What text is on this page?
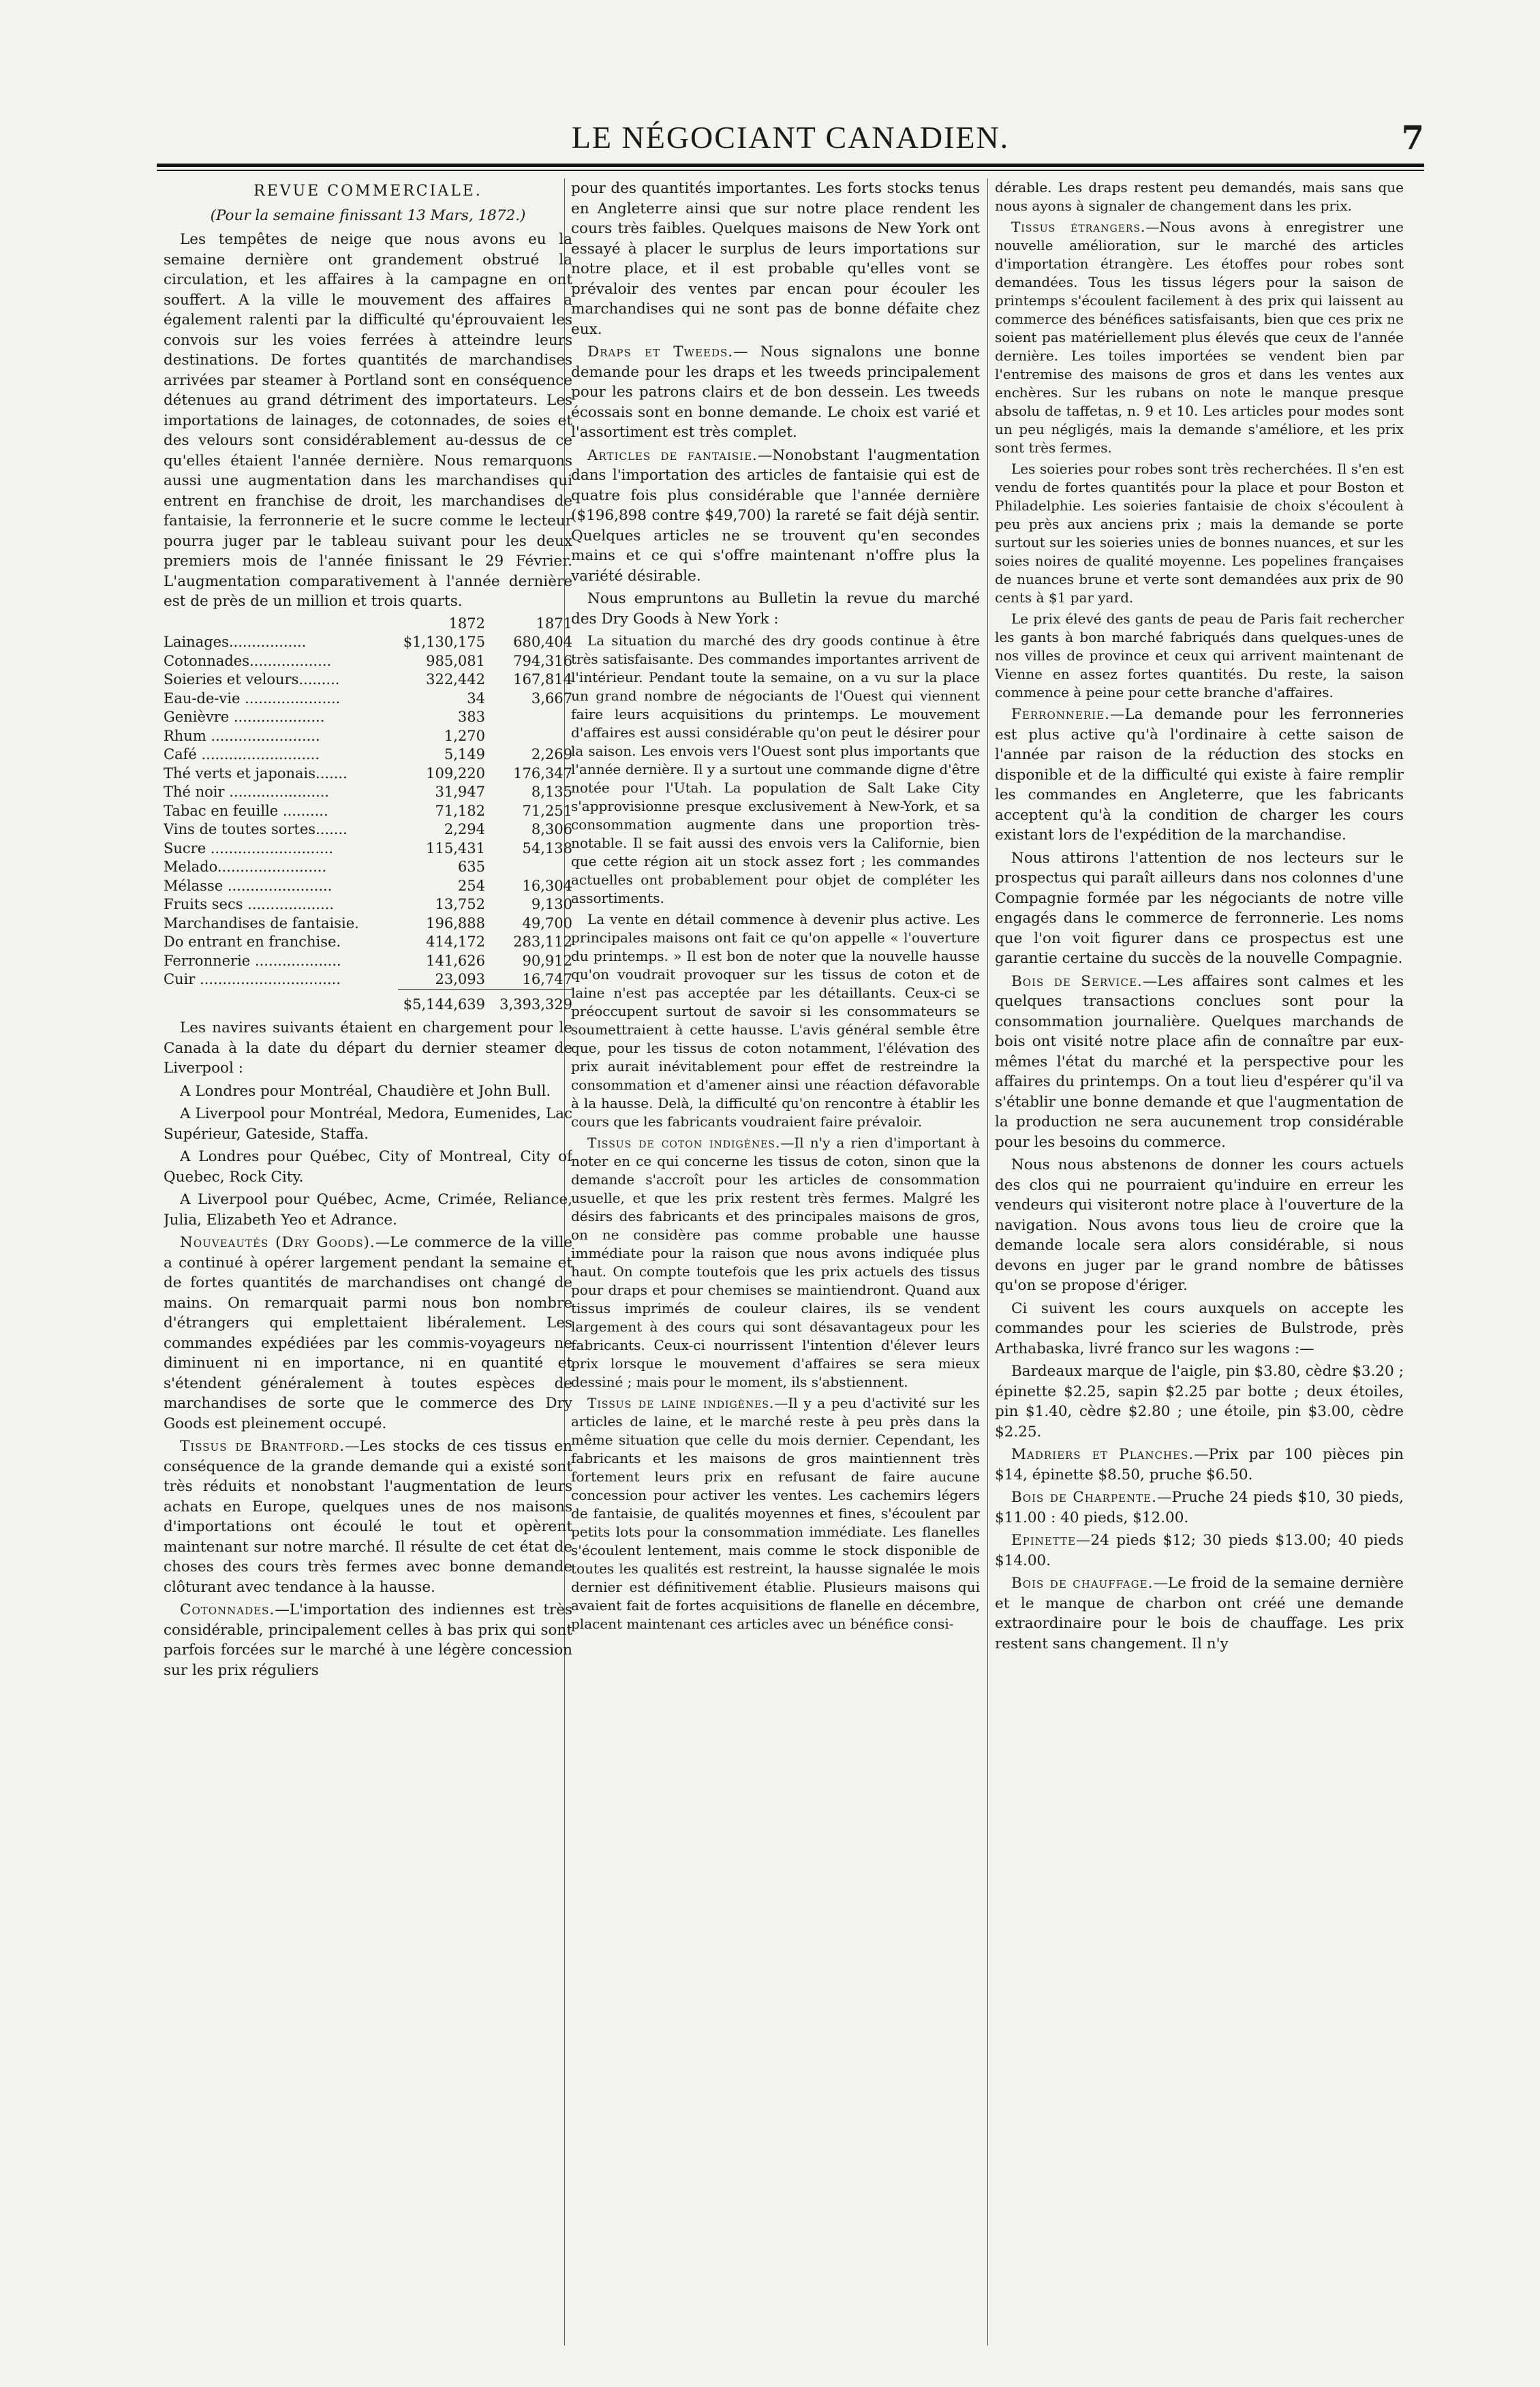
LE NÉGOCIANT CANADIEN.	7

REVUE COMMERCIALE.

(Pour la semaine finissant 13 Mars, 1872.)

Les tempêtes de neige que nous avons eu la semaine dernière ont grandement obstrué la circulation, et les affaires à la campagne en ont souffert. A la ville le mouvement des affaires a également ralenti par la difficulté qu'éprouvaient les convois sur les voies ferrées à atteindre leurs destinations. De fortes quantités de marchandises arrivées par steamer à Portland sont en conséquence détenues au grand détriment des importateurs. Les importations de lainages, de cotonnades, de soies et des velours sont considérablement au-dessus de ce qu'elles étaient l'année dernière. Nous remarquons aussi une augmentation dans les marchandises qui entrent en franchise de droit, les marchandises de fantaisie, la ferronnerie et le sucre comme le lecteur pourra juger par le tableau suivant pour les deux premiers mois de l'année finissant le 29 Février. L'augmentation comparativement à l'année dernière est de près de un million et trois quarts.

	1872	1871
Lainages.................	$1,130,175	680,404
Cotonnades..................	985,081	794,316
Soieries et velours.........	322,442	167,814
Eau-de-vie .....................	34	3,667
Genièvre ....................	383	
Rhum ........................	1,270	
Café ..........................	5,149	2,269
Thé verts et japonais.......	109,220	176,347
Thé noir ......................	31,947	8,135
Tabac en feuille ..........	71,182	71,251
Vins de toutes sortes.......	2,294	8,306
Sucre ...........................	115,431	54,138
Melado........................	635	
Mélasse .......................	254	16,304
Fruits secs ...................	13,752	9,130
Marchandises de fantaisie.	196,888	49,700
Do entrant en franchise.	414,172	283,112
Ferronnerie ...................	141,626	90,912
Cuir ...............................	23,093	16,747
	$5,144,639	3,393,329

Les navires suivants étaient en chargement pour le Canada à la date du départ du dernier steamer de Liverpool :

A Londres pour Montréal, Chaudière et John Bull.

A Liverpool pour Montréal, Medora, Eumenides, Lac Supérieur, Gateside, Staffa.

A Londres pour Québec, City of Montreal, City of Quebec, Rock City.

A Liverpool pour Québec, Acme, Crimée, Reliance, Julia, Elizabeth Yeo et Adrance.

Nouveautés (Dry Goods).—Le commerce de la ville a continué à opérer largement pendant la semaine et de fortes quantités de marchandises ont changé de mains. On remarquait parmi nous bon nombre d'étrangers qui emplettaient libéralement. Les commandes expédiées par les commis-voyageurs ne diminuent ni en importance, ni en quantité et s'étendent généralement à toutes espèces de marchandises de sorte que le commerce des Dry Goods est pleinement occupé.

Tissus de Brantford.—Les stocks de ces tissus en conséquence de la grande demande qui a existé sont très réduits et nonobstant l'augmentation de leurs achats en Europe, quelques unes de nos maisons d'importations ont écoulé le tout et opèrent maintenant sur notre marché. Il résulte de cet état de choses des cours très fermes avec bonne demande clôturant avec tendance à la hausse.

Cotonnades.—L'importation des indiennes est très considérable, principalement celles à bas prix qui sont parfois forcées sur le marché à une légère concession sur les prix réguliers

pour des quantités importantes. Les forts stocks tenus en Angleterre ainsi que sur notre place rendent les cours très faibles. Quelques maisons de New York ont essayé à placer le surplus de leurs importations sur notre place, et il est probable qu'elles vont se prévaloir des ventes par encan pour écouler les marchandises qui ne sont pas de bonne défaite chez eux.

Draps et Tweeds.— Nous signalons une bonne demande pour les draps et les tweeds principalement pour les patrons clairs et de bon dessein. Les tweeds écossais sont en bonne demande. Le choix est varié et l'assortiment est très complet.

Articles de fantaisie.—Nonobstant l'augmentation dans l'importation des articles de fantaisie qui est de quatre fois plus considérable que l'année dernière ($196,898 contre $49,700) la rareté se fait déjà sentir. Quelques articles ne se trouvent qu'en secondes mains et ce qui s'offre maintenant n'offre plus la variété désirable.

Nous empruntons au Bulletin la revue du marché des Dry Goods à New York :

La situation du marché des dry goods continue à être très satisfaisante. Des commandes importantes arrivent de l'intérieur. Pendant toute la semaine, on a vu sur la place un grand nombre de négociants de l'Ouest qui viennent faire leurs acquisitions du printemps. Le mouvement d'affaires est aussi considérable qu'on peut le désirer pour la saison. Les envois vers l'Ouest sont plus importants que l'année dernière. Il y a surtout une commande digne d'être notée pour l'Utah. La population de Salt Lake City s'approvisionne presque exclusivement à New-York, et sa consommation augmente dans une proportion très-notable. Il se fait aussi des envois vers la Californie, bien que cette région ait un stock assez fort ; les commandes actuelles ont probablement pour objet de compléter les assortiments.

La vente en détail commence à devenir plus active. Les principales maisons ont fait ce qu'on appelle « l'ouverture du printemps. » Il est bon de noter que la nouvelle hausse qu'on voudrait provoquer sur les tissus de coton et de laine n'est pas acceptée par les détaillants. Ceux-ci se préoccupent surtout de savoir si les consommateurs se soumettraient à cette hausse. L'avis général semble être que, pour les tissus de coton notamment, l'élévation des prix aurait inévitablement pour effet de restreindre la consommation et d'amener ainsi une réaction défavorable à la hausse. Delà, la difficulté qu'on rencontre à établir les cours que les fabricants voudraient faire prévaloir.

Tissus de coton indigènes.—Il n'y a rien d'important à noter en ce qui concerne les tissus de coton, sinon que la demande s'accroît pour les articles de consommation usuelle, et que les prix restent très fermes. Malgré les désirs des fabricants et des principales maisons de gros, on ne considère pas comme probable une hausse immédiate pour la raison que nous avons indiquée plus haut. On compte toutefois que les prix actuels des tissus pour draps et pour chemises se maintiendront. Quand aux tissus imprimés de couleur claires, ils se vendent largement à des cours qui sont désavantageux pour les fabricants. Ceux-ci nourrissent l'intention d'élever leurs prix lorsque le mouvement d'affaires se sera mieux dessiné ; mais pour le moment, ils s'abstiennent.

Tissus de laine indigènes.—Il y a peu d'activité sur les articles de laine, et le marché reste à peu près dans la même situation que celle du mois dernier. Cependant, les fabricants et les maisons de gros maintiennent très fortement leurs prix en refusant de faire aucune concession pour activer les ventes. Les cachemirs légers de fantaisie, de qualités moyennes et fines, s'écoulent par petits lots pour la consommation immédiate. Les flanelles s'écoulent lentement, mais comme le stock disponible de toutes les qualités est restreint, la hausse signalée le mois dernier est définitivement établie. Plusieurs maisons qui avaient fait de fortes acquisitions de flanelle en décembre, placent maintenant ces articles avec un bénéfice consi-

dérable. Les draps restent peu demandés, mais sans que nous ayons à signaler de changement dans les prix.

Tissus étrangers.—Nous avons à enregistrer une nouvelle amélioration, sur le marché des articles d'importation étrangère. Les étoffes pour robes sont demandées. Tous les tissus légers pour la saison de printemps s'écoulent facilement à des prix qui laissent au commerce des bénéfices satisfaisants, bien que ces prix ne soient pas matériellement plus élevés que ceux de l'année dernière. Les toiles importées se vendent bien par l'entremise des maisons de gros et dans les ventes aux enchères. Sur les rubans on note le manque presque absolu de taffetas, n. 9 et 10. Les articles pour modes sont un peu négligés, mais la demande s'améliore, et les prix sont très fermes.

Les soieries pour robes sont très recherchées. Il s'en est vendu de fortes quantités pour la place et pour Boston et Philadelphie. Les soieries fantaisie de choix s'écoulent à peu près aux anciens prix ; mais la demande se porte surtout sur les soieries unies de bonnes nuances, et sur les soies noires de qualité moyenne. Les popelines françaises de nuances brune et verte sont demandées aux prix de 90 cents à $1 par yard.

Le prix élevé des gants de peau de Paris fait rechercher les gants à bon marché fabriqués dans quelques-unes de nos villes de province et ceux qui arrivent maintenant de Vienne en assez fortes quantités. Du reste, la saison commence à peine pour cette branche d'affaires.

Ferronnerie.—La demande pour les ferronneries est plus active qu'à l'ordinaire à cette saison de l'année par raison de la réduction des stocks en disponible et de la difficulté qui existe à faire remplir les commandes en Angleterre, que les fabricants acceptent qu'à la condition de charger les cours existant lors de l'expédition de la marchandise.

Nous attirons l'attention de nos lecteurs sur le prospectus qui paraît ailleurs dans nos colonnes d'une Compagnie formée par les négociants de notre ville engagés dans le commerce de ferronnerie. Les noms que l'on voit figurer dans ce prospectus est une garantie certaine du succès de la nouvelle Compagnie.

Bois de Service.—Les affaires sont calmes et les quelques transactions conclues sont pour la consommation journalière. Quelques marchands de bois ont visité notre place afin de connaître par eux-mêmes l'état du marché et la perspective pour les affaires du printemps. On a tout lieu d'espérer qu'il va s'établir une bonne demande et que l'augmentation de la production ne sera aucunement trop considérable pour les besoins du commerce.

Nous nous abstenons de donner les cours actuels des clos qui ne pourraient qu'induire en erreur les vendeurs qui visiteront notre place à l'ouverture de la navigation. Nous avons tous lieu de croire que la demande locale sera alors considérable, si nous devons en juger par le grand nombre de bâtisses qu'on se propose d'ériger.

Ci suivent les cours auxquels on accepte les commandes pour les scieries de Bulstrode, près Arthabaska, livré franco sur les wagons :—

Bardeaux marque de l'aigle, pin $3.80, cèdre $3.20 ; épinette $2.25, sapin $2.25 par botte ; deux étoiles, pin $1.40, cèdre $2.80 ; une étoile, pin $3.00, cèdre $2.25.

Madriers et Planches.—Prix par 100 pièces pin $14, épinette $8.50, pruche $6.50.

Bois de Charpente.—Pruche 24 pieds $10, 30 pieds, $11.00 : 40 pieds, $12.00.

Epinette—24 pieds $12; 30 pieds $13.00; 40 pieds $14.00.

Bois de chauffage.—Le froid de la semaine dernière et le manque de charbon ont créé une demande extraordinaire pour le bois de chauffage. Les prix restent sans changement. Il n'y
